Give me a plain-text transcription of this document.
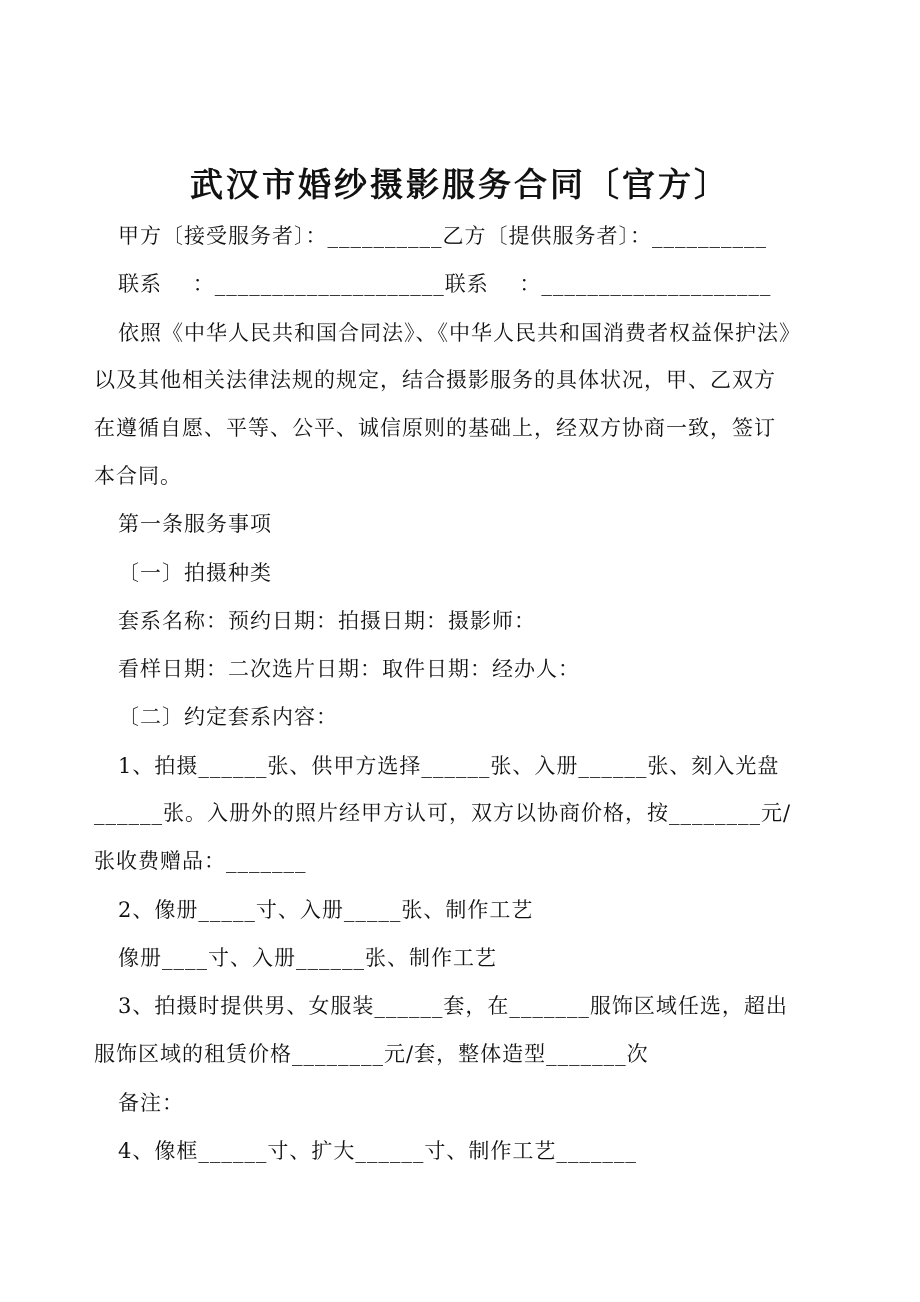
武汉市婚纱摄影服务合同〔官方〕
甲方〔接受服务者〕：__________乙方〔提供服务者〕：__________
联系    ：____________________联系    ：____________________
依照《中华人民共和国合同法》、《中华人民共和国消费者权益保护法》
以及其他相关法律法规的规定，结合摄影服务的具体状况，甲、乙双方
在遵循自愿、平等、公平、诚信原则的基础上，经双方协商一致，签订
本合同。
第一条服务事项
〔一〕拍摄种类
套系名称：预约日期：拍摄日期：摄影师：
看样日期：二次选片日期：取件日期：经办人：
〔二〕约定套系内容：
1、拍摄______张、供甲方选择______张、入册______张、刻入光盘
______张。入册外的照片经甲方认可，双方以协商价格，按________元/
张收费赠品：_______
2、像册_____寸、入册_____张、制作工艺
像册____寸、入册______张、制作工艺
3、拍摄时提供男、女服装______套，在_______服饰区域任选，超出
服饰区域的租赁价格________元/套，整体造型_______次
备注：
4、像框______寸、扩大______寸、制作工艺_______
